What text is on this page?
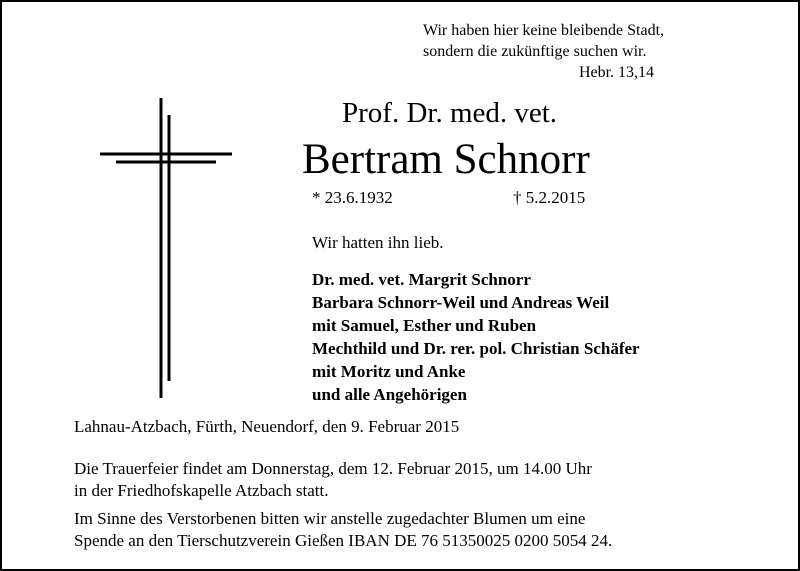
Wir haben hier keine bleibende Stadt,
sondern die zukünftige suchen wir.
Hebr. 13,14
Prof. Dr. med. vet.
Bertram Schnorr
* 23.6.1932	† 5.2.2015
Wir hatten ihn lieb.
Dr. med. vet. Margrit Schnorr
Barbara Schnorr-Weil und Andreas Weil
mit Samuel, Esther und Ruben
Mechthild und Dr. rer. pol. Christian Schäfer
mit Moritz und Anke
und alle Angehörigen
Lahnau-Atzbach, Fürth, Neuendorf, den 9. Februar 2015
Die Trauerfeier findet am Donnerstag, dem 12. Februar 2015, um 14.00 Uhr
in der Friedhofskapelle Atzbach statt.
Im Sinne des Verstorbenen bitten wir anstelle zugedachter Blumen um eine
Spende an den Tierschutzverein Gießen IBAN DE 76 51350025 0200 5054 24.
